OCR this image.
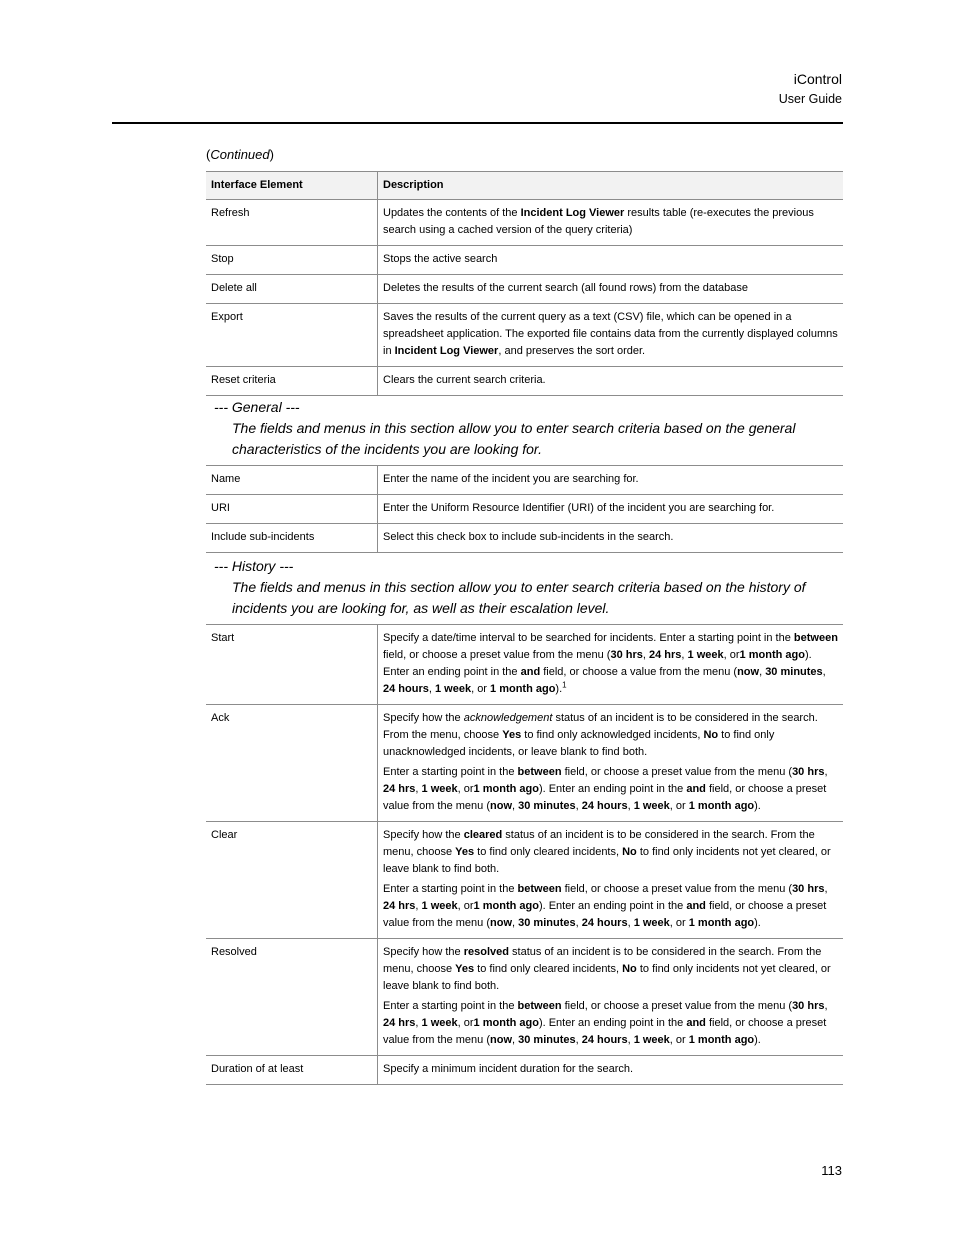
iControl
User Guide
(Continued)
Interface Element	Description
Refresh	Updates the contents of the Incident Log Viewer results table (re-executes the previous search using a cached version of the query criteria)

Stop	Stops the active search

Delete all	Deletes the results of the current search (all found rows) from the database

Export	Saves the results of the current query as a text (CSV) file, which can be opened in a spreadsheet application. The exported file contains data from the currently displayed columns in Incident Log Viewer, and preserves the sort order.

Reset criteria	Clears the current search criteria.

--- General ---
The fields and menus in this section allow you to enter search criteria based on the general characteristics of the incidents you are looking for.
Name	Enter the name of the incident you are searching for.

URI	Enter the Uniform Resource Identifier (URI) of the incident you are searching for.

Include sub-incidents	Select this check box to include sub-incidents in the search.

--- History ---
The fields and menus in this section allow you to enter search criteria based on the history of incidents you are looking for, as well as their escalation level.
Start	Specify a date/time interval to be searched for incidents. Enter a starting point in the between field, or choose a preset value from the menu (30 hrs, 24 hrs, 1 week, or1 month ago). Enter an ending point in the and field, or choose a value from the menu (now, 30 minutes, 24 hours, 1 week, or 1 month ago).$^1$

Ack	Specify how the acknowledgement status of an incident is to be considered in the search. From the menu, choose Yes to find only acknowledged incidents, No to find only unacknowledged incidents, or leave blank to find both.

Enter a starting point in the between field, or choose a preset value from the menu (30 hrs, 24 hrs, 1 week, or1 month ago). Enter an ending point in the and field, or choose a preset value from the menu (now, 30 minutes, 24 hours, 1 week, or 1 month ago).

Clear	Specify how the cleared status of an incident is to be considered in the search. From the menu, choose Yes to find only cleared incidents, No to find only incidents not yet cleared, or leave blank to find both.

Enter a starting point in the between field, or choose a preset value from the menu (30 hrs, 24 hrs, 1 week, or1 month ago). Enter an ending point in the and field, or choose a preset value from the menu (now, 30 minutes, 24 hours, 1 week, or 1 month ago).

Resolved	Specify how the resolved status of an incident is to be considered in the search. From the menu, choose Yes to find only cleared incidents, No to find only incidents not yet cleared, or leave blank to find both.

Enter a starting point in the between field, or choose a preset value from the menu (30 hrs, 24 hrs, 1 week, or1 month ago). Enter an ending point in the and field, or choose a preset value from the menu (now, 30 minutes, 24 hours, 1 week, or 1 month ago).

Duration of at least	Specify a minimum incident duration for the search.

113
